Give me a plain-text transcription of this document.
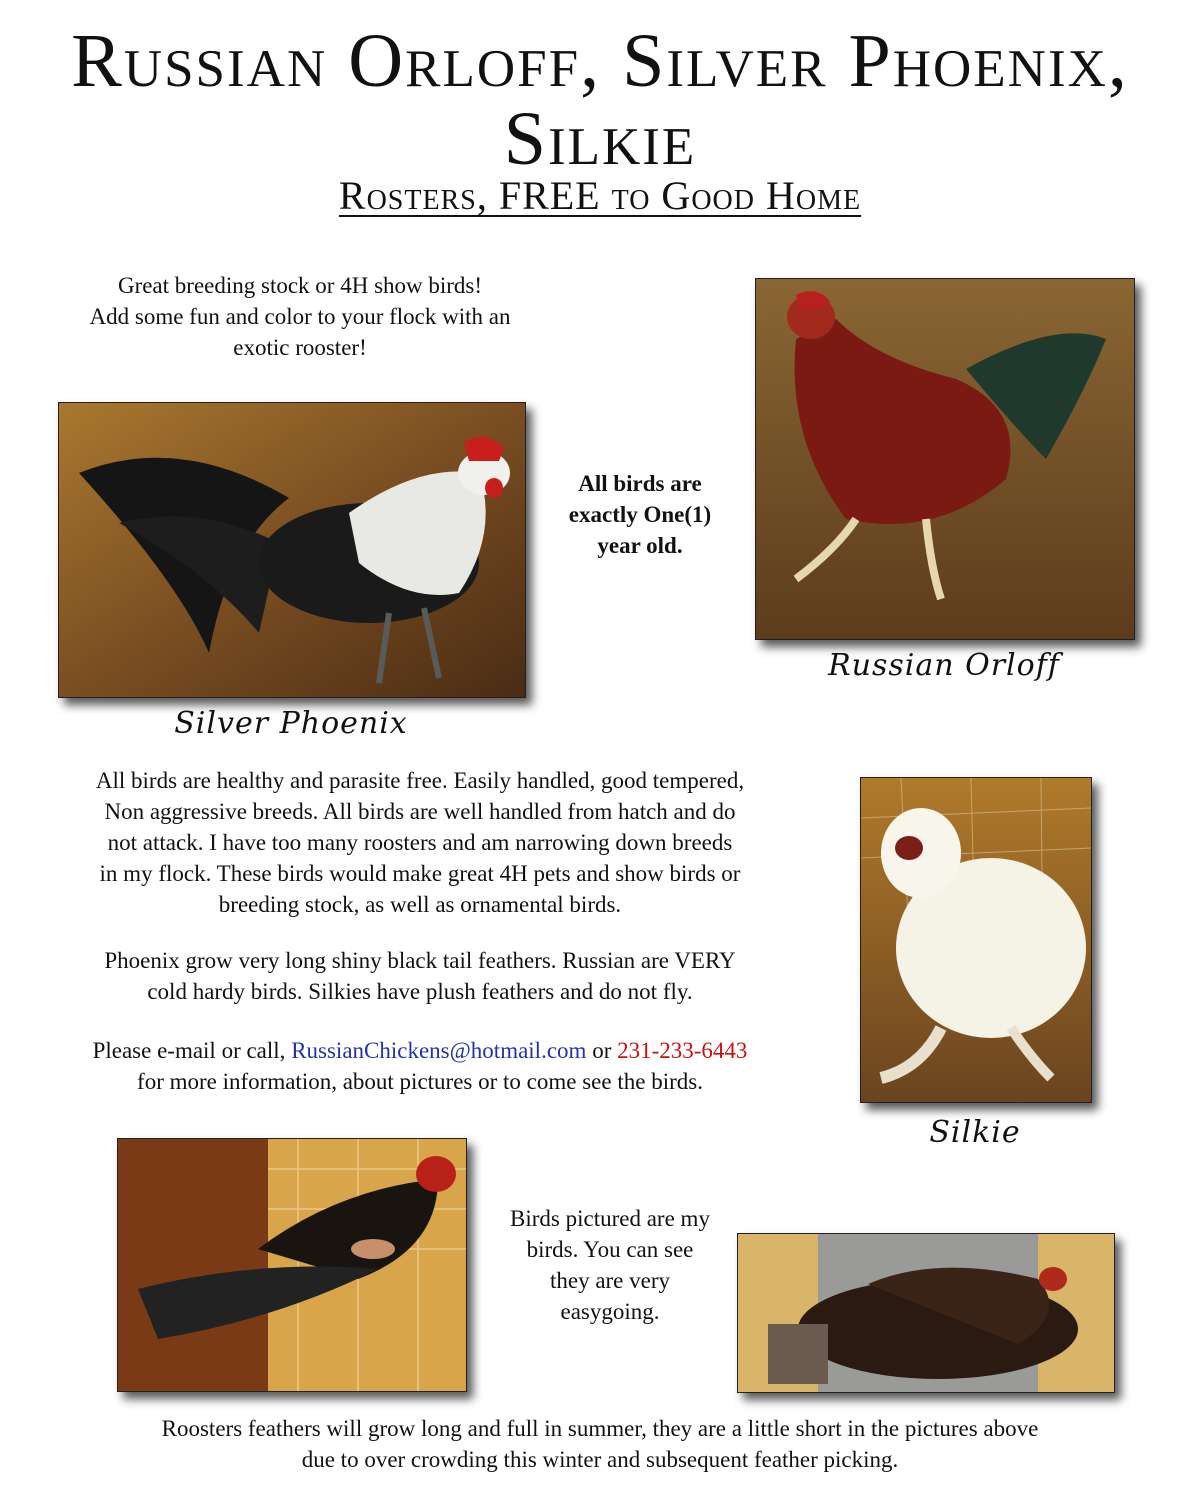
Russian Orloff, Silver Phoenix,
Silkie
Rosters, FREE to Good Home
Great breeding stock or 4H show birds!
Add some fun and color to your flock with an
exotic rooster!
Silver Phoenix
All birds are
exactly One(1)
year old.
Russian Orloff
All birds are healthy and parasite free. Easily handled, good tempered,
Non aggressive breeds. All birds are well handled from hatch and do
not attack. I have too many roosters and am narrowing down breeds
in my flock. These birds would make great 4H pets and show birds or
breeding stock, as well as ornamental birds.
Phoenix grow very long shiny black tail feathers. Russian are VERY
cold hardy birds. Silkies have plush feathers and do not fly.
Please e-mail or call, RussianChickens@hotmail.com or 231-233-6443
for more information, about pictures or to come see the birds.
Silkie
Birds pictured are my
birds. You can see
they are very
easygoing.
Roosters feathers will grow long and full in summer, they are a little short in the pictures above
due to over crowding this winter and subsequent feather picking.
